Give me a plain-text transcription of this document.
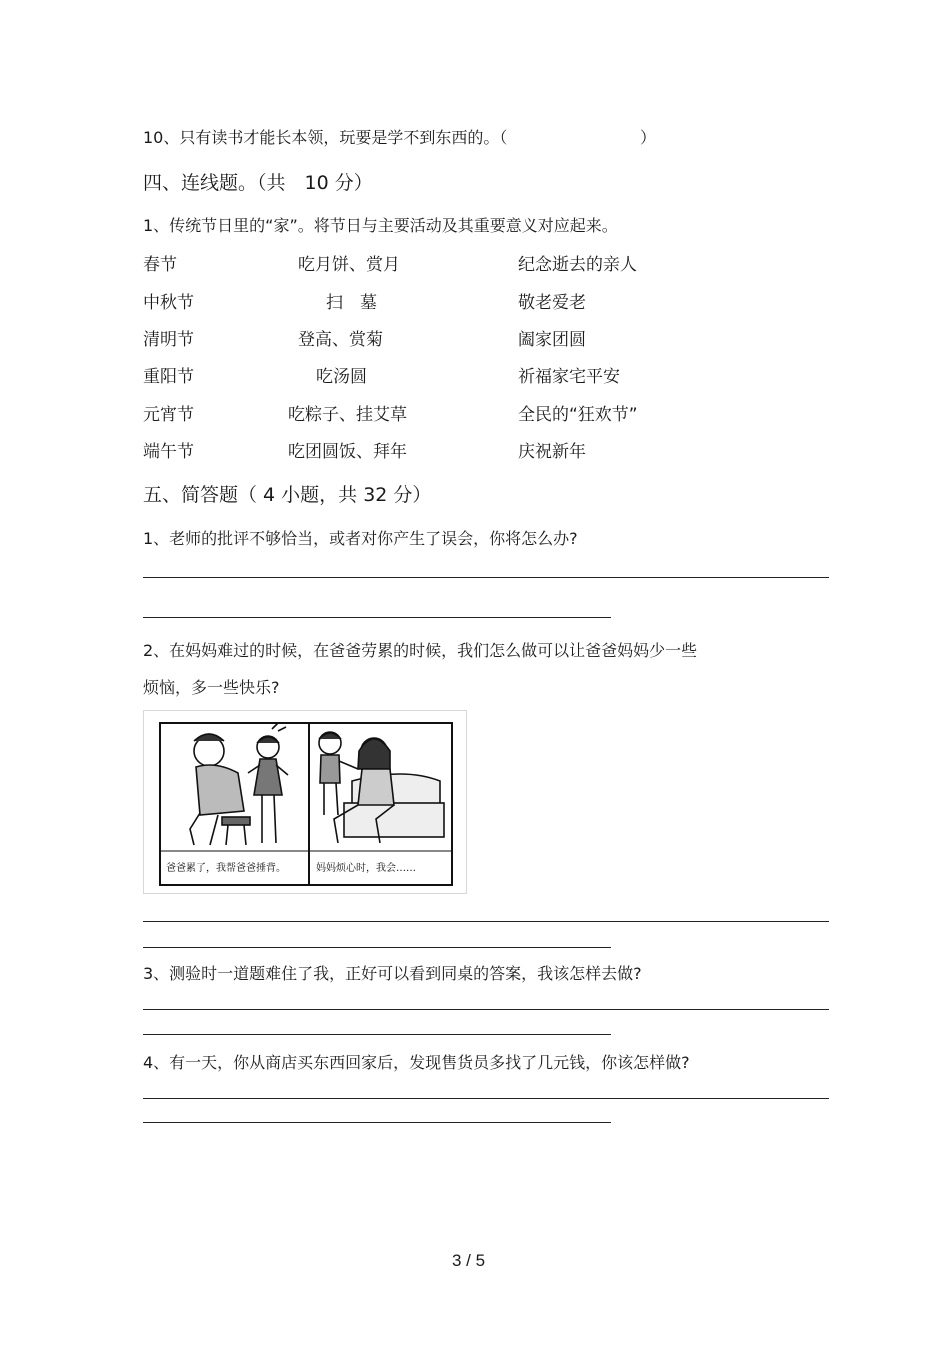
10、只有读书才能长本领，玩要是学不到东西的。（	）
四、连线题。（共　10 分）
1、传统节日里的“家”。将节日与主要活动及其重要意义对应起来。
春节	吃月饼、赏月	纪念逝去的亲人
中秋节	扫　墓	敬老爱老
清明节	登高、赏菊	阖家团圆
重阳节	吃汤圆	祈福家宅平安
元宵节	吃粽子、挂艾草	全民的“狂欢节”
端午节	吃团圆饭、拜年	庆祝新年
五、简答题（ 4 小题，共 32 分）
1、老师的批评不够恰当，或者对你产生了误会，你将怎么办?
2、在妈妈难过的时候，在爸爸劳累的时候，我们怎么做可以让爸爸妈妈少一些
烦恼，多一些快乐?
爸爸累了，我帮爸爸捶背。	妈妈烦心时，我会……
3、测验时一道题难住了我，正好可以看到同桌的答案，我该怎样去做?
4、有一天，你从商店买东西回家后，发现售货员多找了几元钱，你该怎样做?
3 / 5
